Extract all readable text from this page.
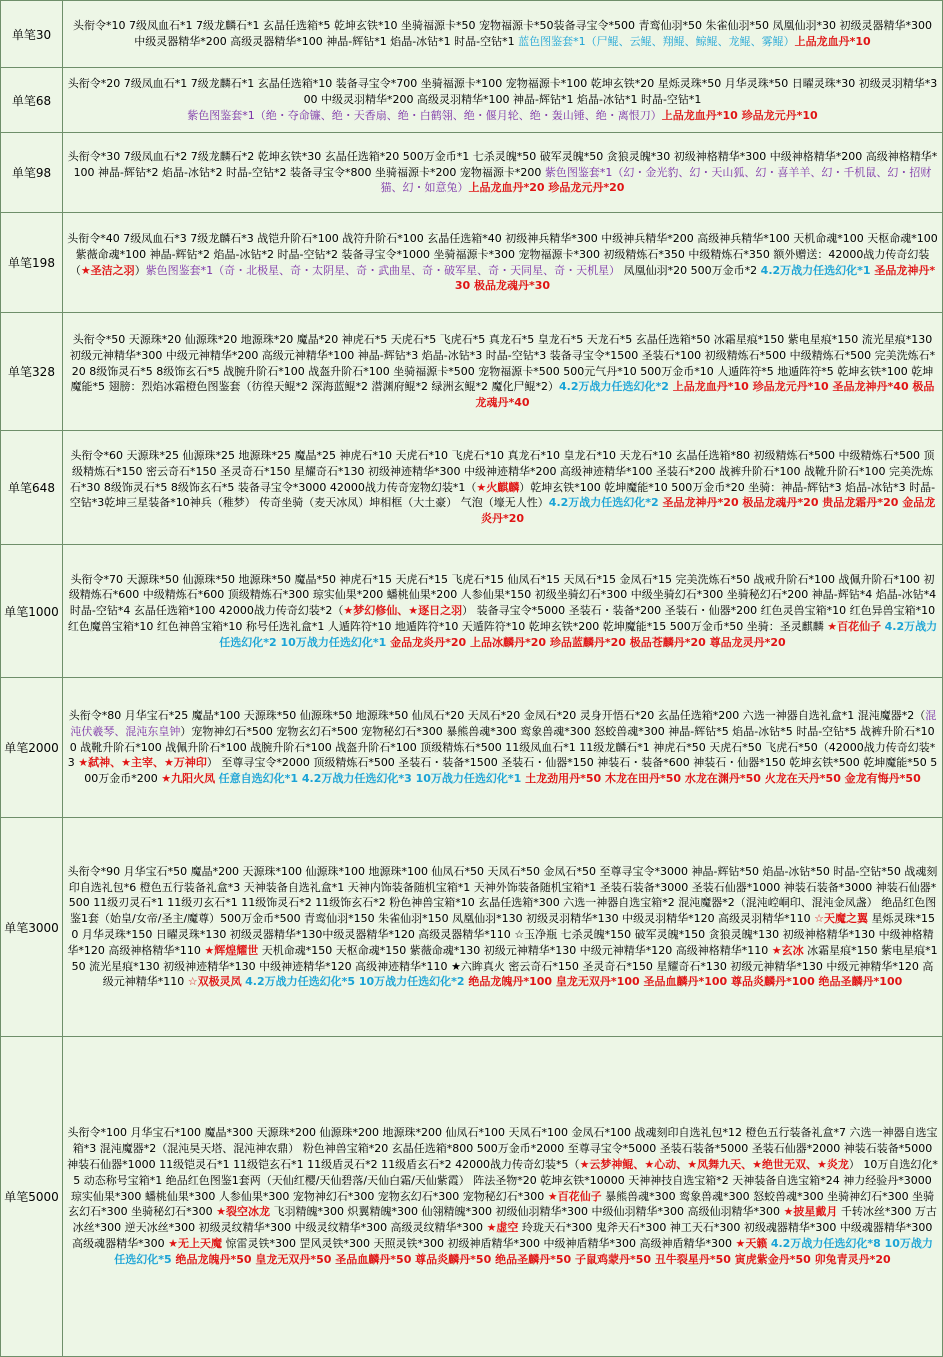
单笔30	头衔令*10 7级凤血石*1 7级龙麟石*1 玄晶任选箱*5 乾坤玄铁*10 坐骑福源卡*50 宠物福源卡*50装备寻宝令*500 青鸾仙羽*50 朱雀仙羽*50 凤凰仙羽*30 初级灵器精华*300 中级灵器精华*200 高级灵器精华*100 神晶-辉钻*1 焰晶-冰钻*1 时晶-空钻*1 蓝色图鉴套*1（尸鲲、云鲲、翔鲲、鲸鲲、龙鲲、雾鲲）上品龙血丹*10
单笔68	头衔令*20 7级凤血石*1 7级龙麟石*1 玄晶任选箱*10 装备寻宝令*700 坐骑福源卡*100 宠物福源卡*100 乾坤玄铁*20 星烁灵珠*50 月华灵珠*50 日曜灵珠*30 初级灵羽精华*300 中级灵羽精华*200 高级灵羽精华*100 神晶-辉钻*1 焰晶-冰钻*1 时晶-空钻*1 紫色图鉴套*1（绝・夺命镰、绝・天香扇、绝・白鹤翎、绝・偃月轮、绝・轰山锤、绝・离恨刀）上品龙血丹*10 珍品龙元丹*10
单笔98	头衔令*30 7级凤血石*2 7级龙麟石*2 乾坤玄铁*30 玄晶任选箱*20 500万金币*1 七杀灵魄*50 破军灵魄*50 贪狼灵魄*30 初级神格精华*300 中级神格精华*200 高级神格精华*100 神晶-辉钻*2 焰晶-冰钻*2 时晶-空钻*2 装备寻宝令*800 坐骑福源卡*200 宠物福源卡*200 紫色图鉴套*1（幻・金光豹、幻・天山狐、幻・喜羊羊、幻・千机鼠、幻・招财猫、幻・如意兔）上品龙血丹*20 珍品龙元丹*20
单笔198	头衔令*40 7级凤血石*3 7级龙麟石*3 战铠升阶石*100 战符升阶石*100 玄晶任选箱*40 初级神兵精华*300 中级神兵精华*200 高级神兵精华*100 天机命魂*100 天枢命魂*100 紫薇命魂*100 神晶-辉钻*2 焰晶-冰钻*2 时晶-空钻*2 装备寻宝令*1000 坐骑福源卡*300 宠物福源卡*300 初级精炼石*350 中级精炼石*350 额外赠送：42000战力传奇幻装（★圣洁之羽）紫色图鉴套*1（奇・北极星、奇・太阴星、奇・武曲星、奇・破军星、奇・天同星、奇・天机星） 凤凰仙羽*20 500万金币*2 4.2万战力任选幻化*1 圣品龙神丹*30 极品龙魂丹*30
单笔328	头衔令*50 天源珠*20 仙源珠*20 地源珠*20 魔晶*20 神虎石*5 天虎石*5 飞虎石*5 真龙石*5 皇龙石*5 天龙石*5 玄晶任选箱*50 冰霜星痕*150 紫电星痕*150 流光星痕*130 初级元神精华*300 中级元神精华*200 高级元神精华*100 神晶-辉钻*3 焰晶-冰钻*3 时晶-空钻*3 装备寻宝令*1500 圣装石*100 初级精炼石*500 中级精炼石*500 完美洗炼石*20 8级饰灵石*5 8级饰玄石*5 战腕升阶石*100 战盔升阶石*100 坐骑福源卡*500 宠物福源卡*500 500元气丹*10 500万金币*10 人遁阵符*5 地遁阵符*5 乾坤玄铁*100 乾坤魔能*5 翅膀：烈焰冰霜橙色图鉴套（彷徨天鲲*2 深海蓝鲲*2 潜渊府鲲*2 绿洲玄鲲*2 魔化尸鲲*2）4.2万战力任选幻化*2 上品龙血丹*10 珍品龙元丹*10 圣品龙神丹*40 极品龙魂丹*40
单笔648	头衔令*60 天源珠*25 仙源珠*25 地源珠*25 魔晶*25 神虎石*10 天虎石*10 飞虎石*10 真龙石*10 皇龙石*10 天龙石*10 玄晶任选箱*80 初级精炼石*500 中级精炼石*500 顶级精炼石*150 密云奇石*150 圣灵奇石*150 星耀奇石*130 初级神迹精华*300 中级神迹精华*200 高级神迹精华*100 圣装石*200 战裤升阶石*100 战靴升阶石*100 完美洗炼石*30 8级饰灵石*5 8级饰玄石*5 装备寻宝令*3000 42000战力传奇宠物幻装*1（★火麒麟）乾坤玄铁*100 乾坤魔能*10 500万金币*20 坐骑：神晶-辉钻*3 焰晶-冰钻*3 时晶-空钻*3乾坤三星装备*10神兵（稚梦） 传奇坐骑（麦天冰凤）坤相框（大土豪） 气泡（壕无人性）4.2万战力任选幻化*2 圣品龙神丹*20 极品龙魂丹*20 贵品龙霜丹*20 金品龙炎丹*20
单笔1000	头衔令*70 天源珠*50 仙源珠*50 地源珠*50 魔晶*50 神虎石*15 天虎石*15 飞虎石*15 仙凤石*15 天凤石*15 金凤石*15 完美洗炼石*50 战戒升阶石*100 战佩升阶石*100 初级精炼石*600 中级精炼石*600 顶级精炼石*300 琼实仙果*200 蟠桃仙果*200 人参仙果*150 初级坐骑幻石*300 中级坐骑幻石*300 坐骑秘幻石*200 神晶-辉钻*4 焰晶-冰钻*4 时晶-空钻*4 玄晶任选箱*100 42000战力传奇幻装*2（★梦幻修仙、★逐日之羽） 装备寻宝令*5000 圣装石・装备*200 圣装石・仙器*200 红色灵兽宝箱*10 红色异兽宝箱*10 红色魔兽宝箱*10 红色神兽宝箱*10 称号任选礼盒*1 人遁阵符*10 地遁阵符*10 天遁阵符*10 乾坤玄铁*200 乾坤魔能*15 500万金币*50 坐骑：圣灵麒麟 ★百花仙子 4.2万战力任选幻化*2 10万战力任选幻化*1 金品龙炎丹*20 上品冰麟丹*20 珍品蓝麟丹*20 极品苍麟丹*20 尊品龙灵丹*20
单笔2000	头衔令*80 月华宝石*25 魔晶*100 天源珠*50 仙源珠*50 地源珠*50 仙凤石*20 天凤石*20 金凤石*20 灵身开悟石*20 玄晶任选箱*200 六选一神器自选礼盒*1 混沌魔器*2（混沌伏羲琴、混沌东皇钟）宠物神幻石*500 宠物玄幻石*500 宠物秘幻石*300 暴熊兽魂*300 鸾象兽魂*300 怒蛟兽魂*300 神晶-辉钻*5 焰晶-冰钻*5 时晶-空钻*5 战裤升阶石*100 战靴升阶石*100 战佩升阶石*100 战腕升阶石*100 战盔升阶石*100 顶级精炼石*500 11级凤血石*1 11级龙麟石*1 神虎石*50 天虎石*50 飞虎石*50（42000战力传奇幻装*3 ★弑神、★主宰、★万神印） 至尊寻宝令*2000 顶级精炼石*500 圣装石・装备*1500 圣装石・仙器*150 神装石・装备*600 神装石・仙器*150 乾坤玄铁*500 乾坤魔能*50 500万金币*200 ★九阳火凤 任意自选幻化*1 4.2万战力任选幻化*3 10万战力任选幻化*1 土龙劲用丹*50 木龙在田丹*50 水龙在渊丹*50 火龙在天丹*50 金龙有悔丹*50
单笔3000	头衔令*90 月华宝石*50 魔晶*200 天源珠*100 仙源珠*100 地源珠*100 仙凤石*50 天凤石*50 金凤石*50 至尊寻宝令*3000 神晶-辉钻*50 焰晶-冰钻*50 时晶-空钻*50 战魂刻印自选礼包*6 橙色五行装备礼盒*3 天神装备自选礼盒*1 天神内饰装备随机宝箱*1 天神外饰装备随机宝箱*1 圣装石装备*3000 圣装石仙器*1000 神装石装备*3000 神装石仙器*500 11级刃灵石*1 11级刃玄石*1 11级饰灵石*2 11级饰玄石*2 粉色神兽宝箱*10 玄晶任选箱*300 六选一神器自选宝箱*2 混沌魔器*2（混沌崆峒印、混沌金凤盏） 绝品红色图鉴1套（始皇/女帝/圣主/魔尊）500万金币*500 青鸾仙羽*150 朱雀仙羽*150 凤凰仙羽*130 初级灵羽精华*130 中级灵羽精华*120 高级灵羽精华*110 ☆天魔之翼 星烁灵珠*150 月华灵珠*150 日曜灵珠*130 初级灵器精华*130中级灵器精华*120 高级灵器精华*110 ☆玉净瓶 七杀灵魄*150 破军灵魄*150 贪狼灵魄*130 初级神格精华*130 中级神格精华*120 高级神格精华*110 ★辉煌耀世 天机命魂*150 天枢命魂*150 紫薇命魂*130 初级元神精华*130 中级元神精华*120 高级神格精华*110 ★玄冰 冰霜星痕*150 紫电星痕*150 流光星痕*130 初级神迹精华*130 中级神迹精华*120 高级神迹精华*110 ★六眸真火 密云奇石*150 圣灵奇石*150 星耀奇石*130 初级元神精华*130 中级元神精华*120 高级元神精华*110 ☆双极灵凤 4.2万战力任选幻化*5 10万战力任选幻化*2 绝品龙魄丹*100 皇龙无双丹*100 圣品血麟丹*100 尊品炎麟丹*100 绝品圣麟丹*100
单笔5000	头衔令*100 月华宝石*100 魔晶*300 天源珠*200 仙源珠*200 地源珠*200 仙凤石*100 天凤石*100 金凤石*100 战魂刻印自选礼包*12 橙色五行装备礼盒*7 六选一神器自选宝箱*3 混沌魔器*2（混沌昊天塔、混沌神农鼎） 粉色神兽宝箱*20 玄晶任选箱*800 500万金币*2000 至尊寻宝令*5000 圣装石装备*5000 圣装石仙器*2000 神装石装备*5000 神装石仙器*1000 11级铠灵石*1 11级铠玄石*1 11级盾灵石*2 11级盾玄石*2 42000战力传奇幻装*5（★云梦神鲲、★心动、★凤舞九天、★绝世无双、★炎龙） 10万自选幻化*5 动态称号宝箱*1 绝品红色图鉴1套两（天仙红樱/天仙碧落/天仙白霜/天仙紫霞） 阵法圣物*20 乾坤玄铁*10000 天神神技自选宝箱*2 天神装备自选宝箱*24 神力经验丹*3000 琼实仙果*300 蟠桃仙果*300 人参仙果*300 宠物神幻石*300 宠物玄幻石*300 宠物秘幻石*300 ★百花仙子 暴熊兽魂*300 鸾象兽魂*300 怒蛟兽魂*300 坐骑神幻石*300 坐骑玄幻石*300 坐骑秘幻石*300 ★裂空冰龙 飞羽精魄*300 炽翼精魄*300 仙翎精魄*300 初级仙羽精华*300 中级仙羽精华*300 高级仙羽精华*300 ★披星戴月 千转冰丝*300 万古冰丝*300 逆天冰丝*300 初级灵纹精华*300 中级灵纹精华*300 高级灵纹精华*300 ★虚空 玲珑天石*300 鬼斧天石*300 神工天石*300 初级魂器精华*300 中级魂器精华*300 高级魂器精华*300 ★无上天魔 惊雷灵铁*300 罡风灵铁*300 天照灵铁*300 初级神盾精华*300 中级神盾精华*300 高级神盾精华*300 ★天籁 4.2万战力任选幻化*8 10万战力任选幻化*5 绝品龙魄丹*50 皇龙无双丹*50 圣品血麟丹*50 尊品炎麟丹*50 绝品圣麟丹*50 子鼠鸡蒙丹*50 丑牛裂星丹*50 寅虎紫金丹*50 卯兔青灵丹*20
